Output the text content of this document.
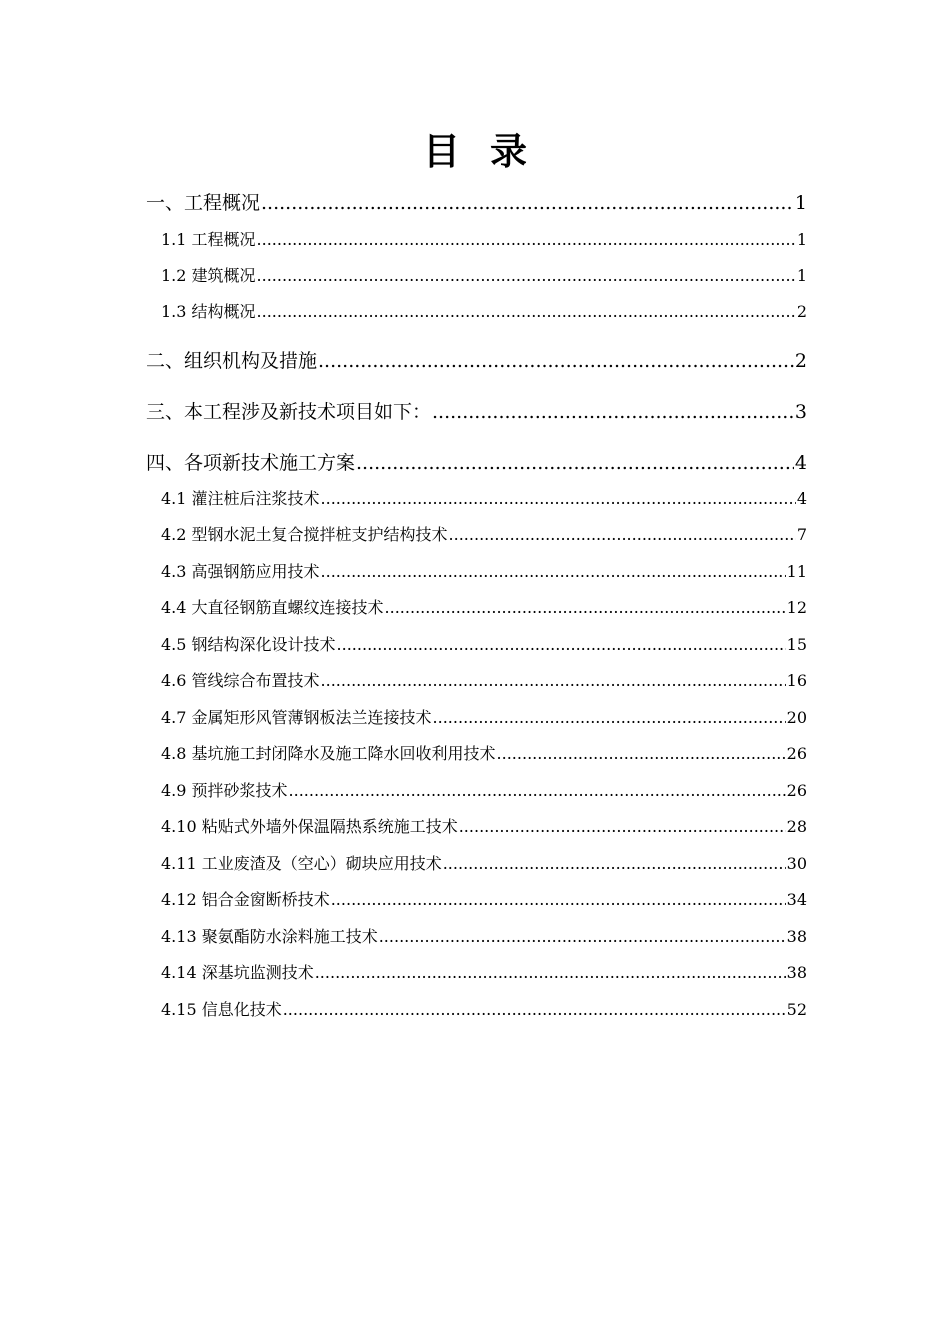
目 录
一、工程概况 .....	1
1.1 工程概况 .....	1
1.2 建筑概况 .....	1
1.3 结构概况 .....	2
二、组织机构及措施 .....	2
三、本工程涉及新技术项目如下： .....	3
四、各项新技术施工方案 .....	4
4.1 灌注桩后注浆技术 .....	4
4.2 型钢水泥土复合搅拌桩支护结构技术 .....	7
4.3 高强钢筋应用技术 .....	11
4.4 大直径钢筋直螺纹连接技术 .....	12
4.5 钢结构深化设计技术 .....	15
4.6 管线综合布置技术 .....	16
4.7 金属矩形风管薄钢板法兰连接技术 .....	20
4.8 基坑施工封闭降水及施工降水回收利用技术 .....	26
4.9 预拌砂浆技术 .....	26
4.10 粘贴式外墙外保温隔热系统施工技术 .....	28
4.11 工业废渣及（空心）砌块应用技术 .....	30
4.12 铝合金窗断桥技术 .....	34
4.13 聚氨酯防水涂料施工技术 .....	38
4.14 深基坑监测技术 .....	38
4.15 信息化技术 .....	52
